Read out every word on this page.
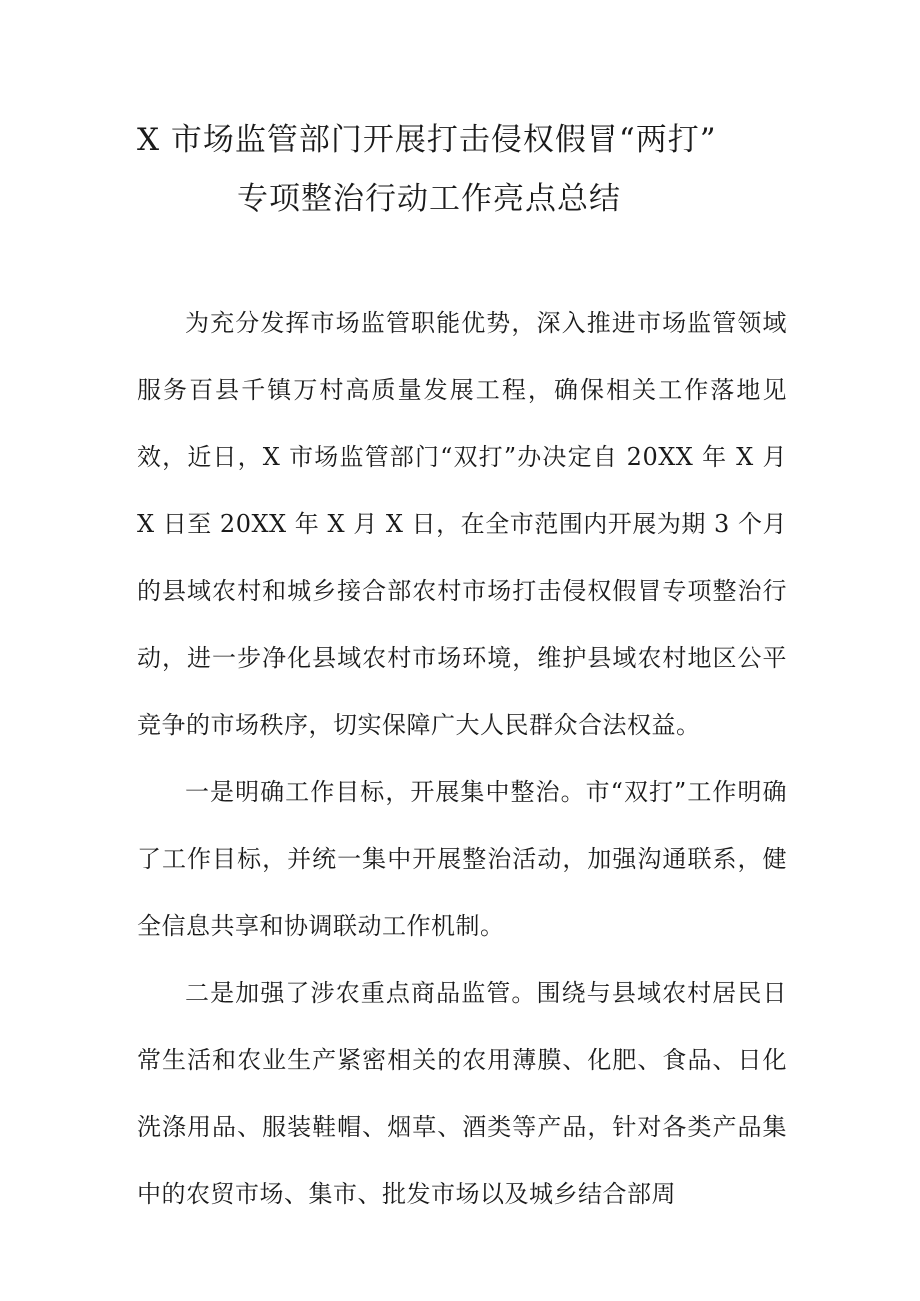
X 市场监管部门开展打击侵权假冒“两打”
专项整治行动工作亮点总结

为充分发挥市场监管职能优势，深入推进市场监管领域服务百县千镇万村高质量发展工程，确保相关工作落地见效，近日，X 市场监管部门“双打”办决定自 20XX 年 X 月 X 日至 20XX 年 X 月 X 日，在全市范围内开展为期 3 个月的县域农村和城乡接合部农村市场打击侵权假冒专项整治行动，进一步净化县域农村市场环境，维护县域农村地区公平竞争的市场秩序，切实保障广大人民群众合法权益。

一是明确工作目标，开展集中整治。市“双打”工作明确了工作目标，并统一集中开展整治活动，加强沟通联系，健全信息共享和协调联动工作机制。

二是加强了涉农重点商品监管。围绕与县域农村居民日常生活和农业生产紧密相关的农用薄膜、化肥、食品、日化洗涤用品、服装鞋帽、烟草、酒类等产品，针对各类产品集中的农贸市场、集市、批发市场以及城乡结合部周
